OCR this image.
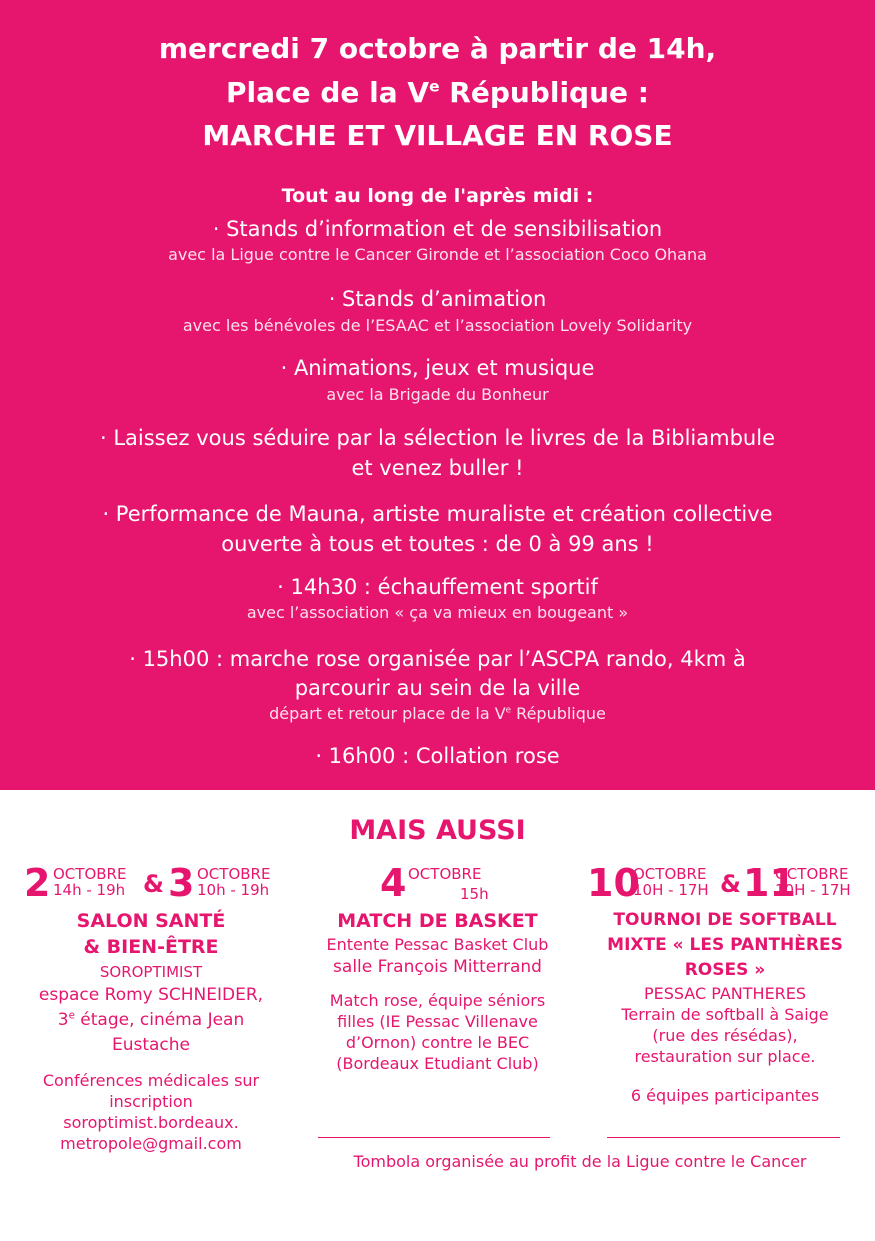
mercredi 7 octobre à partir de 14h,
Place de la Ve République :
MARCHE ET VILLAGE EN ROSE
Tout au long de l'après midi :
· Stands d’information et de sensibilisation
avec la Ligue contre le Cancer Gironde et l’association Coco Ohana
· Stands d’animation
avec les bénévoles de l’ESAAC et l’association Lovely Solidarity
· Animations, jeux et musique
avec la Brigade du Bonheur
· Laissez vous séduire par la sélection le livres de la Bibliambule
et venez buller !
· Performance de Mauna, artiste muraliste et création collective
ouverte à tous et toutes : de 0 à 99 ans !
· 14h30 : échauffement sportif
avec l’association « ça va mieux en bougeant »
· 15h00 : marche rose organisée par l’ASCPA rando, 4km à
parcourir au sein de la ville
départ et retour place de la Ve République
· 16h00 : Collation rose
MAIS AUSSI
2 OCTOBRE
14h - 19h & 3 OCTOBRE
10h - 19h
SALON SANTÉ
& BIEN-ÊTRE
SOROPTIMIST
espace Romy SCHNEIDER,
3e étage, cinéma Jean
Eustache
Conférences médicales sur
inscription
soroptimist.bordeaux.
metropole@gmail.com
4 OCTOBRE
15h
MATCH DE BASKET
Entente Pessac Basket Club
salle François Mitterrand
Match rose, équipe séniors
filles (IE Pessac Villenave
d’Ornon) contre le BEC
(Bordeaux Etudiant Club)
10
OCTOBRE
10H - 17H & 11
OCTOBRE
10H - 17H
TOURNOI DE SOFTBALL
MIXTE « LES PANTHÈRES
ROSES »
PESSAC PANTHERES
Terrain de softball à Saige
(rue des résédas),
restauration sur place.
6 équipes participantes
Tombola organisée au profit de la Ligue contre le Cancer
